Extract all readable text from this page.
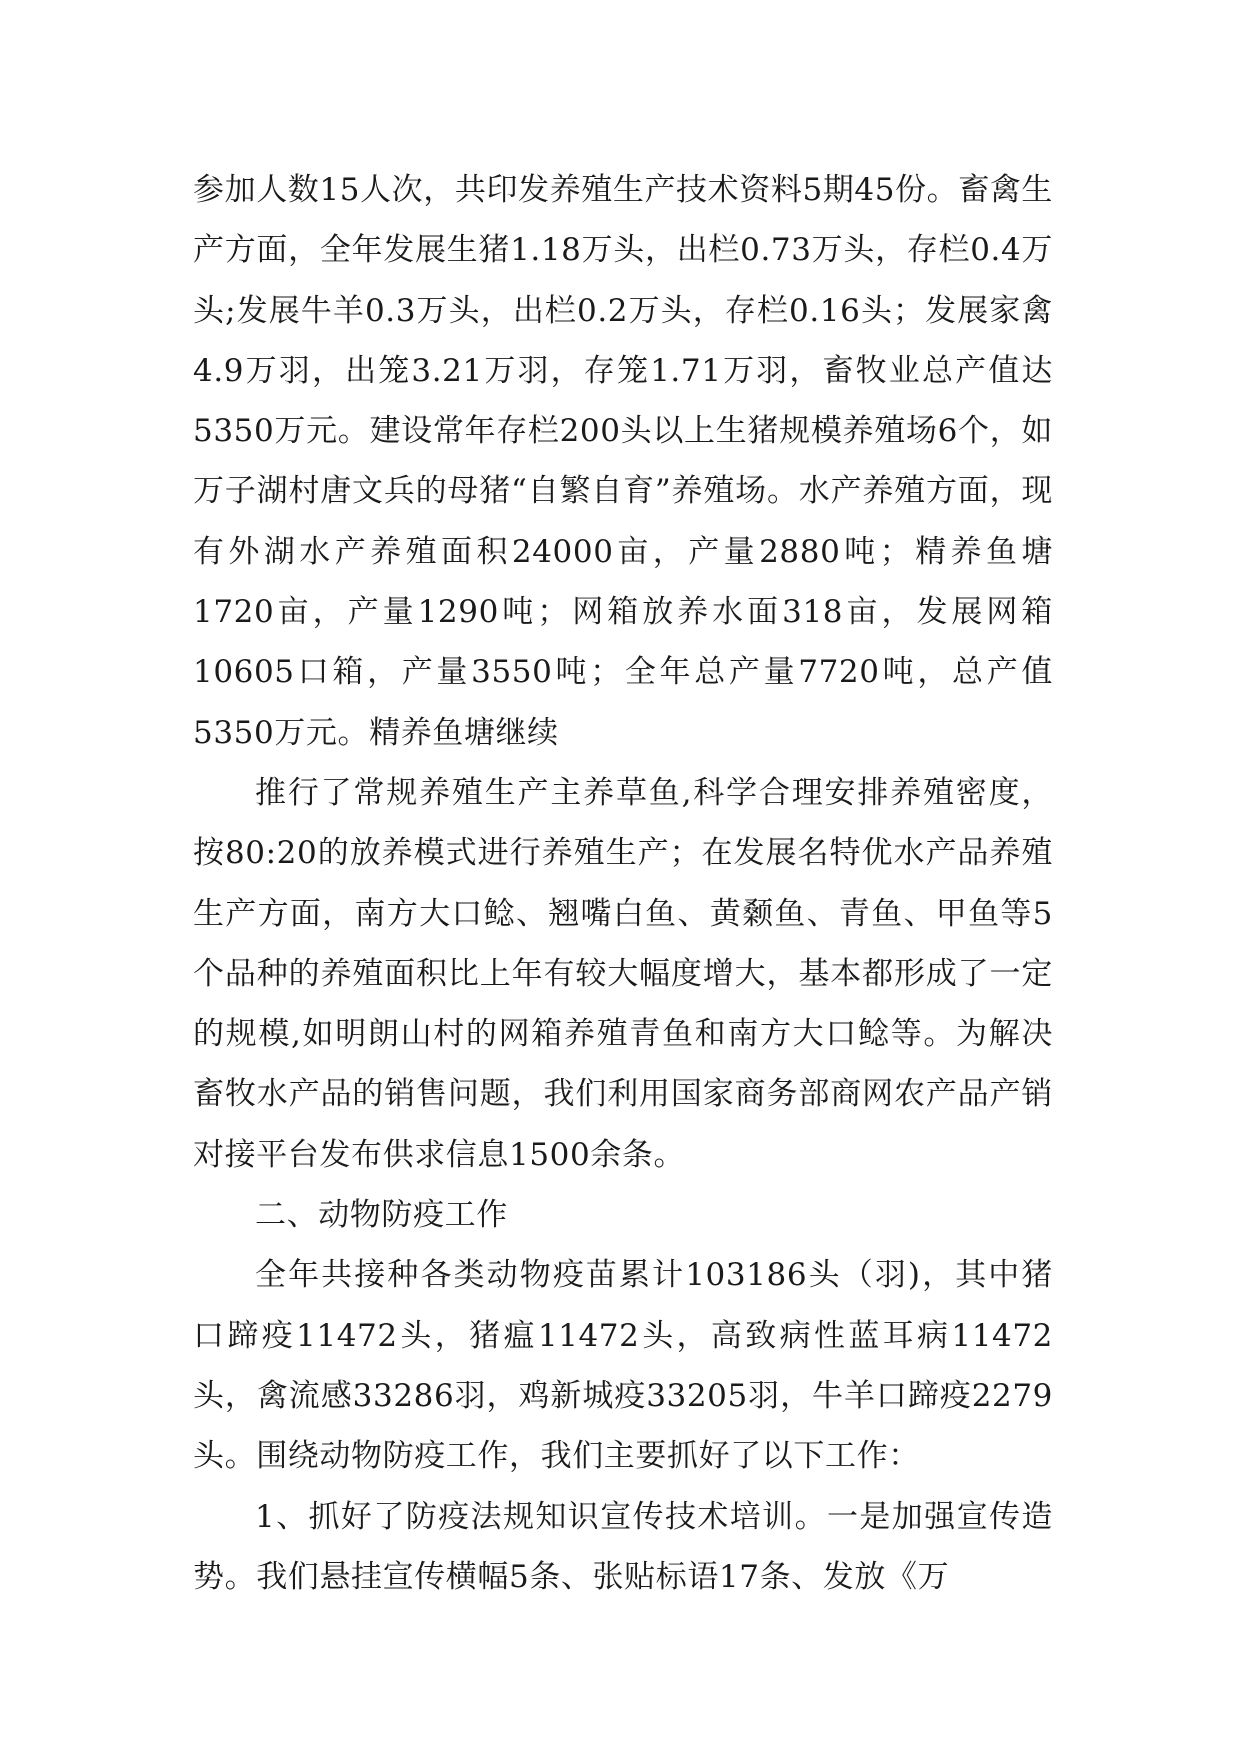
参加人数15人次，共印发养殖生产技术资料5期45份。畜禽生产方面，全年发展生猪1.18万头，出栏0.73万头，存栏0.4万头;发展牛羊0.3万头，出栏0.2万头，存栏0.16头；发展家禽4.9万羽，出笼3.21万羽，存笼1.71万羽，畜牧业总产值达5350万元。建设常年存栏200头以上生猪规模养殖场6个，如万子湖村唐文兵的母猪“自繁自育”养殖场。水产养殖方面，现有外湖水产养殖面积24000亩，产量2880吨；精养鱼塘1720亩，产量1290吨；网箱放养水面318亩，发展网箱10605口箱，产量3550吨；全年总产量7720吨，总产值5350万元。精养鱼塘继续

推行了常规养殖生产主养草鱼,科学合理安排养殖密度，按80:20的放养模式进行养殖生产；在发展名特优水产品养殖生产方面，南方大口鲶、翘嘴白鱼、黄颡鱼、青鱼、甲鱼等5个品种的养殖面积比上年有较大幅度增大，基本都形成了一定的规模,如明朗山村的网箱养殖青鱼和南方大口鲶等。为解决畜牧水产品的销售问题，我们利用国家商务部商网农产品产销对接平台发布供求信息1500余条。

二、动物防疫工作

全年共接种各类动物疫苗累计103186头（羽)，其中猪口蹄疫11472头，猪瘟11472头，高致病性蓝耳病11472头，禽流感33286羽，鸡新城疫33205羽，牛羊口蹄疫2279头。围绕动物防疫工作，我们主要抓好了以下工作：

1、抓好了防疫法规知识宣传技术培训。一是加强宣传造势。我们悬挂宣传横幅5条、张贴标语17条、发放《万
